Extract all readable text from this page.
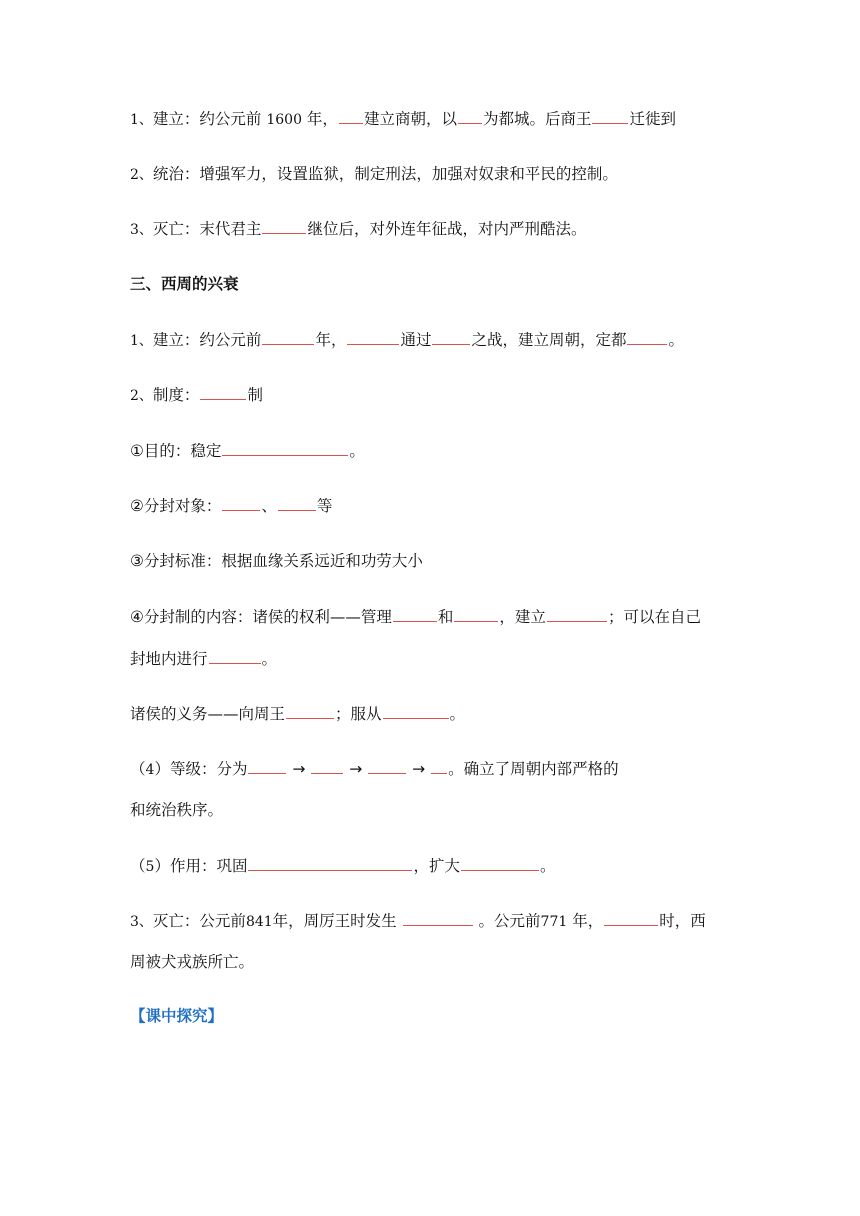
1、建立：约公元前 1600 年， 建立商朝，以 为都城。后商王 迁徙到
2、统治：增强军力，设置监狱，制定刑法，加强对奴隶和平民的控制。
3、灭亡：末代君主	继位后，对外连年征战，对内严刑酷法。
三、西周的兴衰
1、建立：约公元前	年，	通过	之战，建立周朝，定都	。
2、制度：	制
①目的：稳定	。
②分封对象：	、	等
③分封标准：根据血缘关系远近和功劳大小
④分封制的内容：诸侯的权利——管理	和	，建立	；可以在自己
封地内进行	。
诸侯的义务——向周王	；服从	。
（4）等级：分为	→	→	→ 。确立了周朝内部严格的
和统治秩序。
（5）作用：巩固	，扩大	。
3、灭亡：公元前841年，周厉王时发生	。公元前771 年，	时，西
周被犬戎族所亡。
【课中探究】
